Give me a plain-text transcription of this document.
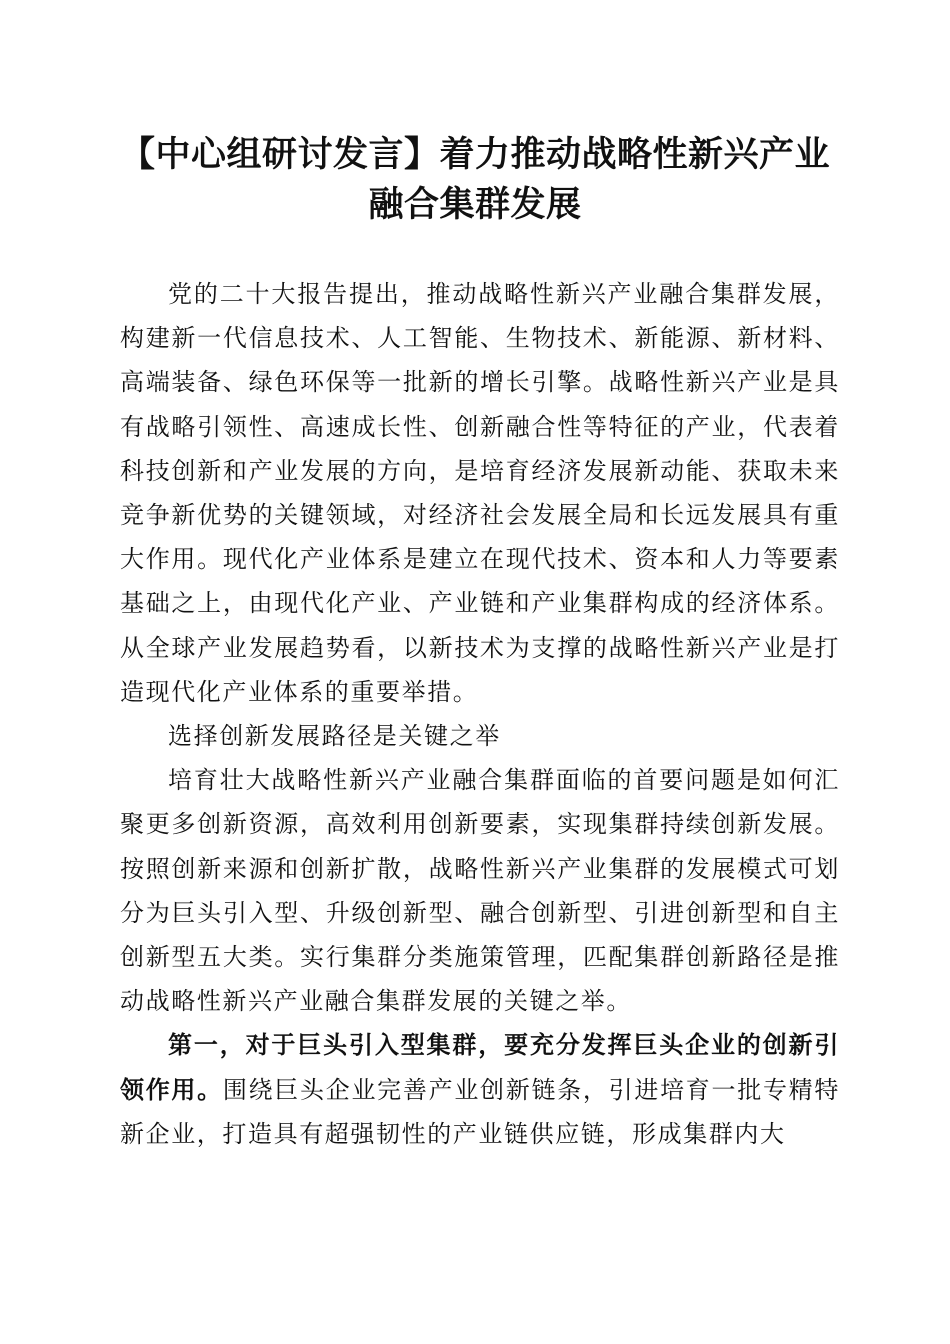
【中心组研讨发言】着力推动战略性新兴产业
融合集群发展

党的二十大报告提出，推动战略性新兴产业融合集群发展，构建新一代信息技术、人工智能、生物技术、新能源、新材料、高端装备、绿色环保等一批新的增长引擎。战略性新兴产业是具有战略引领性、高速成长性、创新融合性等特征的产业，代表着科技创新和产业发展的方向，是培育经济发展新动能、获取未来竞争新优势的关键领域，对经济社会发展全局和长远发展具有重大作用。现代化产业体系是建立在现代技术、资本和人力等要素基础之上，由现代化产业、产业链和产业集群构成的经济体系。从全球产业发展趋势看，以新技术为支撑的战略性新兴产业是打造现代化产业体系的重要举措。

选择创新发展路径是关键之举

培育壮大战略性新兴产业融合集群面临的首要问题是如何汇聚更多创新资源，高效利用创新要素，实现集群持续创新发展。按照创新来源和创新扩散，战略性新兴产业集群的发展模式可划分为巨头引入型、升级创新型、融合创新型、引进创新型和自主创新型五大类。实行集群分类施策管理，匹配集群创新路径是推动战略性新兴产业融合集群发展的关键之举。

第一，对于巨头引入型集群，要充分发挥巨头企业的创新引领作用。围绕巨头企业完善产业创新链条，引进培育一批专精特新企业，打造具有超强韧性的产业链供应链，形成集群内大
